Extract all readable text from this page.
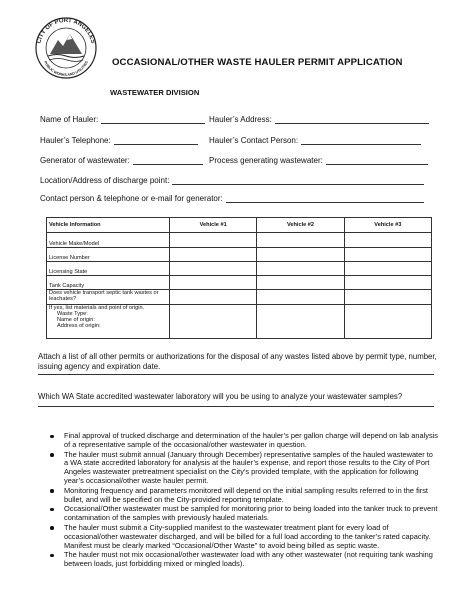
CITY OF PORT ANGELES
PUBLIC WORKS AND UTILITIES OCCASIONAL/OTHER WASTE HAULER PERMIT APPLICATION
WASTEWATER DIVISION
Name of Hauler:	Hauler’s Address:
Hauler’s Telephone:	Hauler’s Contact Person:
Generator of wastewater:	Process generating wastewater:
Location/Address of discharge point:
Contact person & telephone or e-mail for generator:
Vehicle Information	Vehicle #1	Vehicle #2	Vehicle #3
Vehicle Make/Model			
License Number			
Licensing State			
Tank Capacity			
Does vehicle transport septic tank wastes or leachates?			

If yes, list materials and point of origin.
Waste Type:
Name of origin:
Address of origin:			

Attach a list of all other permits or authorizations for the disposal of any wastes listed above by permit type, number, issuing agency and expiration date.
Which WA State accredited wastewater laboratory will you be using to analyze your wastewater samples?
Final approval of trucked discharge and determination of the hauler’s per gallon charge will depend on lab analysis of a representative sample of the occasional/other wastewater in question.
The hauler must submit annual (January through December) representative samples of the hauled wastewater to a WA state accredited laboratory for analysis at the hauler’s expense, and report those results to the City of Port Angeles wastewater pretreatment specialist on the City’s provided template, with the application for following year’s occasional/other waste hauler permit.
Monitoring frequency and parameters monitored will depend on the initial sampling results referred to in the first bullet, and will be specified on the City-provided reporting template.
Occasional/Other wastewater must be sampled for monitoring prior to being loaded into the tanker truck to prevent contamination of the samples with previously hauled materials.
The hauler must submit a City-supplied manifest to the wastewater treatment plant for every load of occasional/other wastewater discharged, and will be billed for a full load according to the tanker’s rated capacity. Manifest must be clearly marked “Occasional/Other Waste” to avoid being billed as septic waste.
The hauler must not mix occasional/other wastewater load with any other wastewater (not requiring tank washing between loads, just forbidding mixed or mingled loads).
